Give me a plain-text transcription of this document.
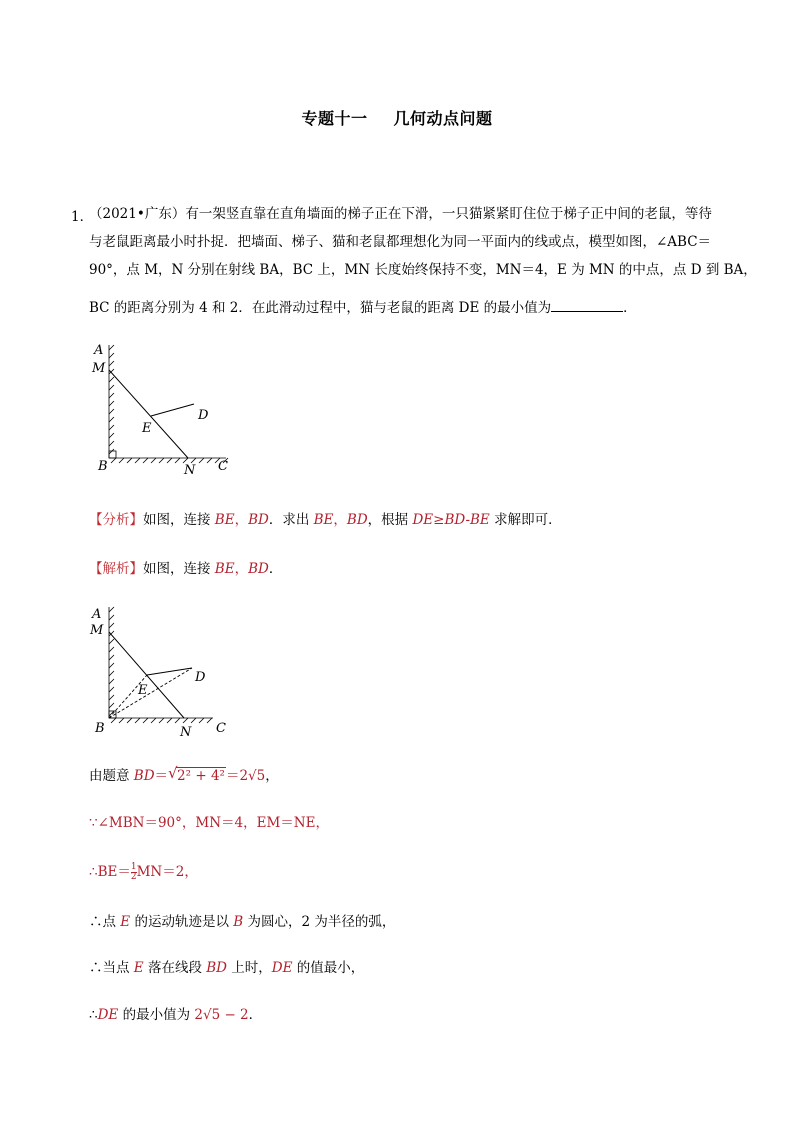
专题十一 几何动点问题
1．
（2021•广东）有一架竖直靠在直角墙面的梯子正在下滑，一只猫紧紧盯住位于梯子正中间的老鼠，等待
与老鼠距离最小时扑捉．把墙面、梯子、猫和老鼠都理想化为同一平面内的线或点，模型如图，∠ABC＝
90°，点 M，N 分别在射线 BA，BC 上，MN 长度始终保持不变，MN＝4，E 为 MN 的中点，点 D 到 BA，
BC 的距离分别为 4 和 2．在此滑动过程中，猫与老鼠的距离 DE 的最小值为	．
A
M
E
D
B	N C
【分析】如图，连接 BE，BD．求出 BE，BD，根据 DE≥BD-BE 求解即可．
【解析】如图，连接 BE，BD．
A
M
E
D
B	N C
由题意 BD＝ √ 2² + 4²＝2√5，
∵∠MBN＝90°，MN＝4，EM＝NE，
∴BE＝ $\frac{1}{2} MN=2$，
∴点 E 的运动轨迹是以 B 为圆心，2 为半径的弧，
∴当点 E 落在线段 BD 上时，DE 的值最小，
∴DE 的最小值为 2√5 − 2．
